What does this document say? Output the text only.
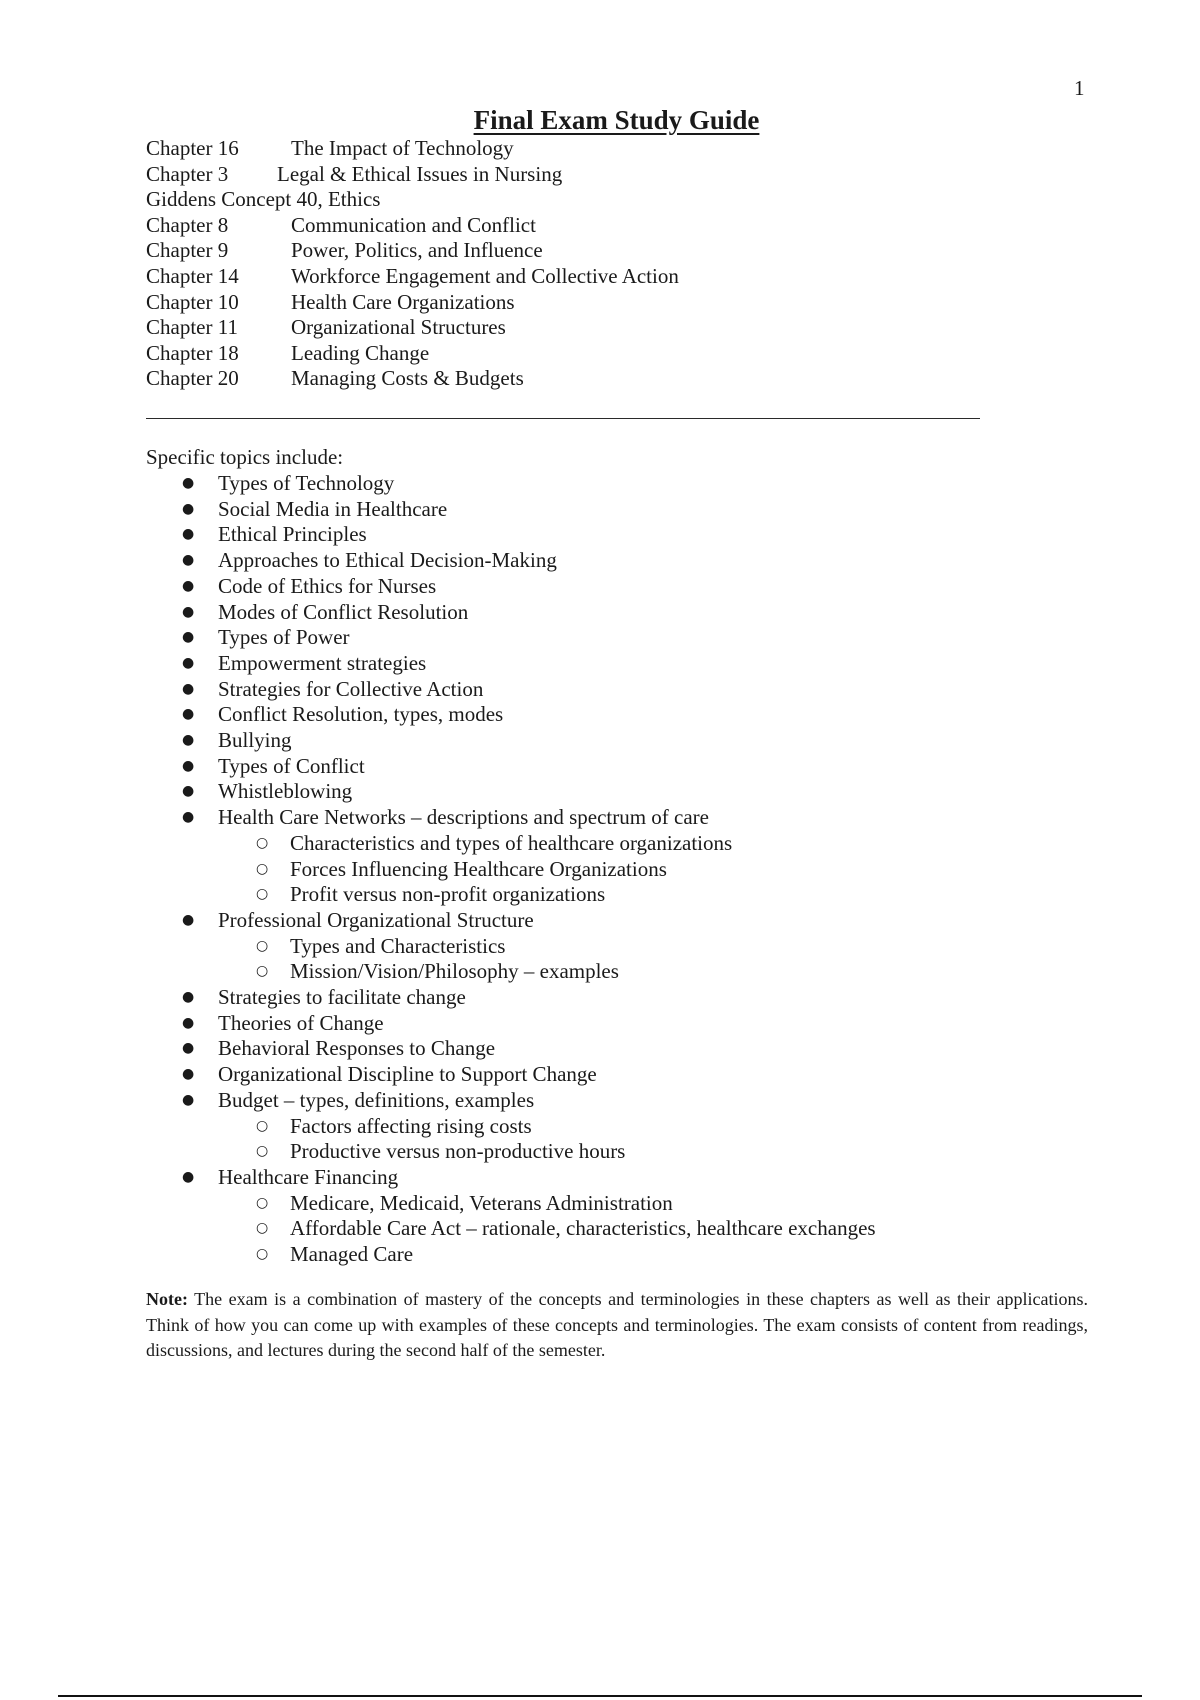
1
Final Exam Study Guide
Chapter 16 The Impact of Technology
Chapter 3 Legal & Ethical Issues in Nursing
Giddens Concept 40, Ethics
Chapter 8	Communication and Conflict
Chapter 9	Power, Politics, and Influence
Chapter 14 Workforce Engagement and Collective Action
Chapter 10 Health Care Organizations
Chapter 11	Organizational Structures
Chapter 18 Leading Change
Chapter 20 Managing Costs & Budgets

Specific topics include:

● Types of Technology
● Social Media in Healthcare
● Ethical Principles
● Approaches to Ethical Decision-Making
● Code of Ethics for Nurses
● Modes of Conflict Resolution
● Types of Power
● Empowerment strategies
● Strategies for Collective Action
● Conflict Resolution, types, modes
● Bullying
● Types of Conflict
● Whistleblowing
● Health Care Networks – descriptions and spectrum of care
○ Characteristics and types of healthcare organizations
○ Forces Influencing Healthcare Organizations
○ Profit versus non-profit organizations
● Professional Organizational Structure
○ Types and Characteristics
○ Mission/Vision/Philosophy – examples
● Strategies to facilitate change
● Theories of Change
● Behavioral Responses to Change
● Organizational Discipline to Support Change
● Budget – types, definitions, examples
○ Factors affecting rising costs
○ Productive versus non-productive hours
● Healthcare Financing
○ Medicare, Medicaid, Veterans Administration
○ Affordable Care Act – rationale, characteristics, healthcare exchanges
○ Managed Care

Note: The exam is a combination of mastery of the concepts and terminologies in these chapters as well as their applications. Think of how you can come up with examples of these concepts and terminologies. The exam consists of content from readings, discussions, and lectures during the second half of the semester.
